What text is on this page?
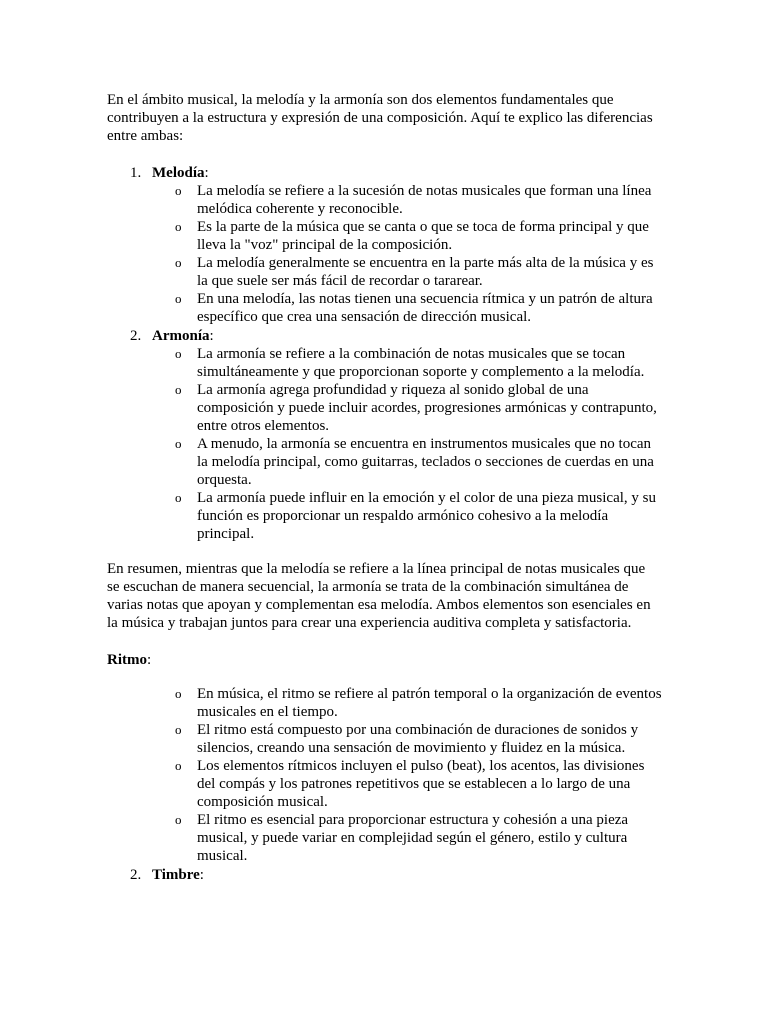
En el ámbito musical, la melodía y la armonía son dos elementos fundamentales que contribuyen a la estructura y expresión de una composición. Aquí te explico las diferencias entre ambas:

1. Melodía:
o La melodía se refiere a la sucesión de notas musicales que forman una línea melódica coherente y reconocible.
o Es la parte de la música que se canta o que se toca de forma principal y que lleva la "voz" principal de la composición.
o La melodía generalmente se encuentra en la parte más alta de la música y es la que suele ser más fácil de recordar o tararear.
o En una melodía, las notas tienen una secuencia rítmica y un patrón de altura específico que crea una sensación de dirección musical.
2. Armonía:
o La armonía se refiere a la combinación de notas musicales que se tocan simultáneamente y que proporcionan soporte y complemento a la melodía.
o La armonía agrega profundidad y riqueza al sonido global de una composición y puede incluir acordes, progresiones armónicas y contrapunto, entre otros elementos.
o A menudo, la armonía se encuentra en instrumentos musicales que no tocan la melodía principal, como guitarras, teclados o secciones de cuerdas en una orquesta.
o La armonía puede influir en la emoción y el color de una pieza musical, y su función es proporcionar un respaldo armónico cohesivo a la melodía principal.

En resumen, mientras que la melodía se refiere a la línea principal de notas musicales que se escuchan de manera secuencial, la armonía se trata de la combinación simultánea de varias notas que apoyan y complementan esa melodía. Ambos elementos son esenciales en la música y trabajan juntos para crear una experiencia auditiva completa y satisfactoria.

Ritmo:
o En música, el ritmo se refiere al patrón temporal o la organización de eventos musicales en el tiempo.
o El ritmo está compuesto por una combinación de duraciones de sonidos y silencios, creando una sensación de movimiento y fluidez en la música.
o Los elementos rítmicos incluyen el pulso (beat), los acentos, las divisiones del compás y los patrones repetitivos que se establecen a lo largo de una composición musical.
o El ritmo es esencial para proporcionar estructura y cohesión a una pieza musical, y puede variar en complejidad según el género, estilo y cultura musical.
2. Timbre:
